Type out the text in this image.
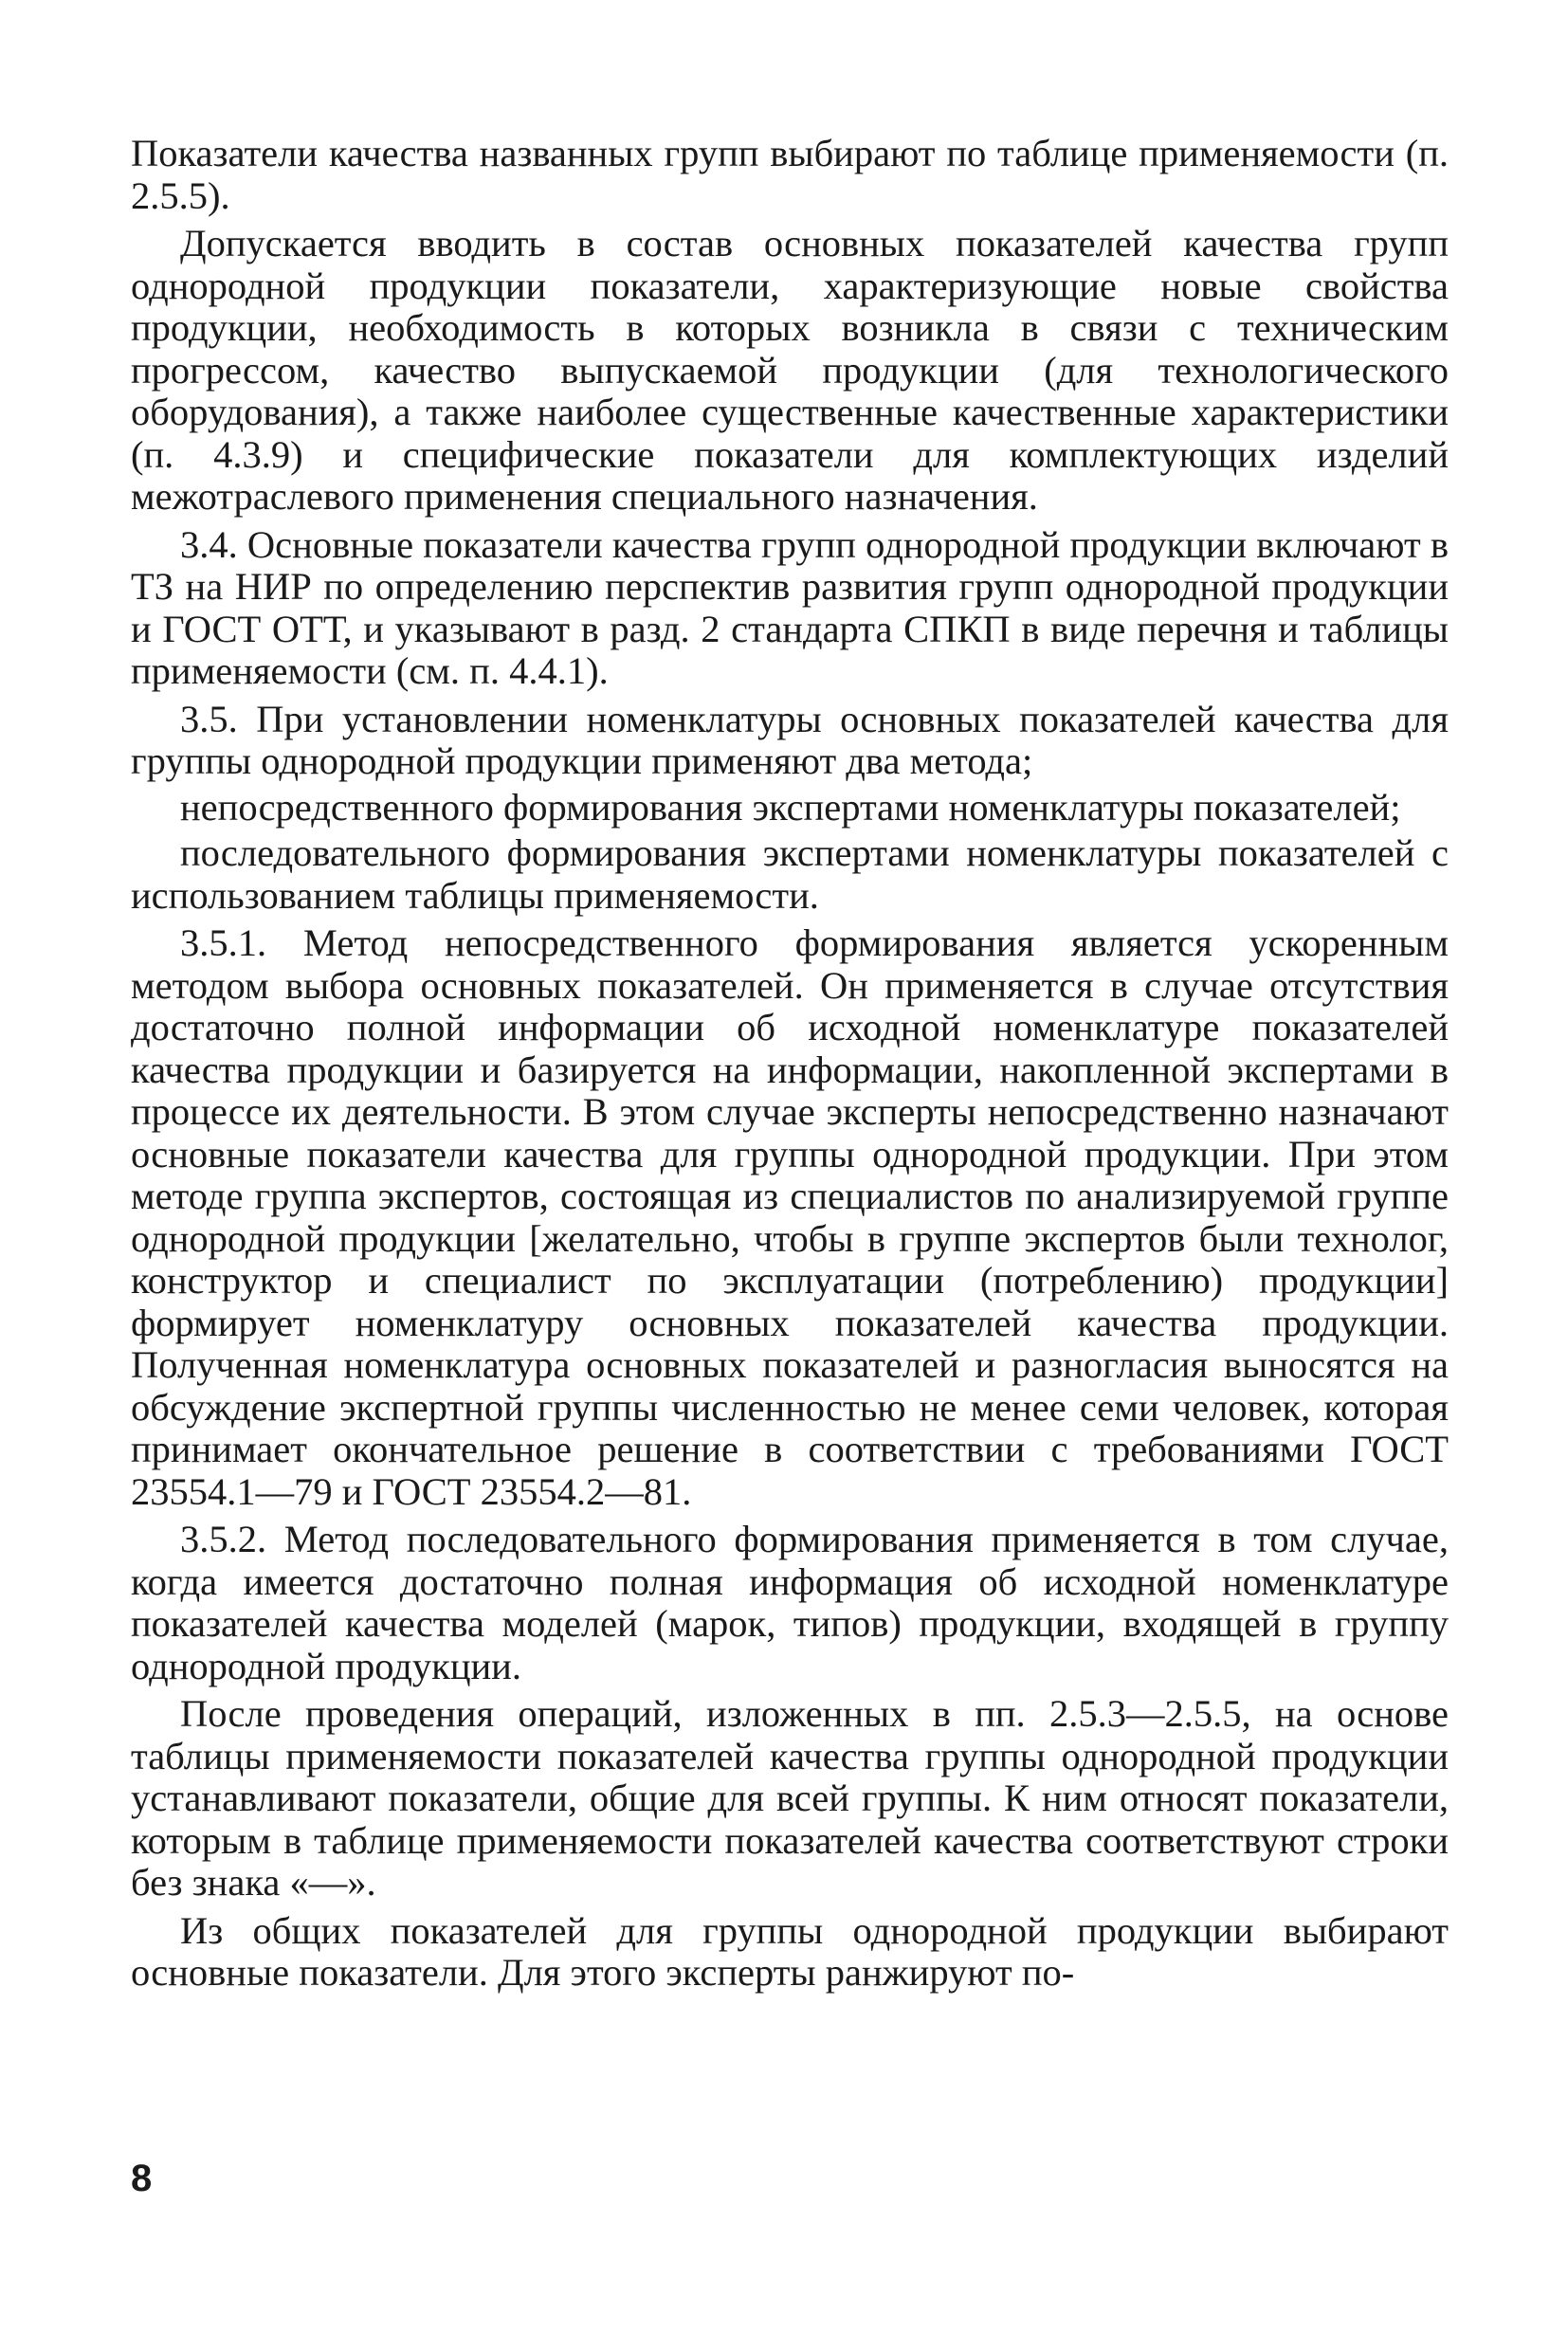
Показатели качества названных групп выбирают по таблице применяемости (п. 2.5.5).

Допускается вводить в состав основных показателей качества групп однородной продукции показатели, характеризующие новые свойства продукции, необходимость в которых возникла в связи с техническим прогрессом, качество выпускаемой продукции (для технологического оборудования), а также наиболее существенные качественные характеристики (п. 4.3.9) и специфические показатели для комплектующих изделий межотраслевого применения специального назначения.

3.4. Основные показатели качества групп однородной продукции включают в ТЗ на НИР по определению перспектив развития групп однородной продукции и ГОСТ ОТТ, и указывают в разд. 2 стандарта СПКП в виде перечня и таблицы применяемости (см. п. 4.4.1).

3.5. При установлении номенклатуры основных показателей качества для группы однородной продукции применяют два метода;

непосредственного формирования экспертами номенклатуры показателей;

последовательного формирования экспертами номенклатуры показателей с использованием таблицы применяемости.

3.5.1. Метод непосредственного формирования является ускоренным методом выбора основных показателей. Он применяется в случае отсутствия достаточно полной информации об исходной номенклатуре показателей качества продукции и базируется на информации, накопленной экспертами в процессе их деятельности. В этом случае эксперты непосредственно назначают основные показатели качества для группы однородной продукции. При этом методе группа экспертов, состоящая из специалистов по анализируемой группе однородной продукции [желательно, чтобы в группе экспертов были технолог, конструктор и специалист по эксплуатации (потреблению) продукции] формирует номенклатуру основных показателей качества продукции. Полученная номенклатура основных показателей и разногласия выносятся на обсуждение экспертной группы численностью не менее семи человек, которая принимает окончательное решение в соответствии с требованиями ГОСТ 23554.1—79 и ГОСТ 23554.2—81.

3.5.2. Метод последовательного формирования применяется в том случае, когда имеется достаточно полная информация об исходной номенклатуре показателей качества моделей (марок, типов) продукции, входящей в группу однородной продукции.

После проведения операций, изложенных в пп. 2.5.3—2.5.5, на основе таблицы применяемости показателей качества группы однородной продукции устанавливают показатели, общие для всей группы. К ним относят показатели, которым в таблице применяемости показателей качества соответствуют строки без знака «—».

Из общих показателей для группы однородной продукции выбирают основные показатели. Для этого эксперты ранжируют по-

8
